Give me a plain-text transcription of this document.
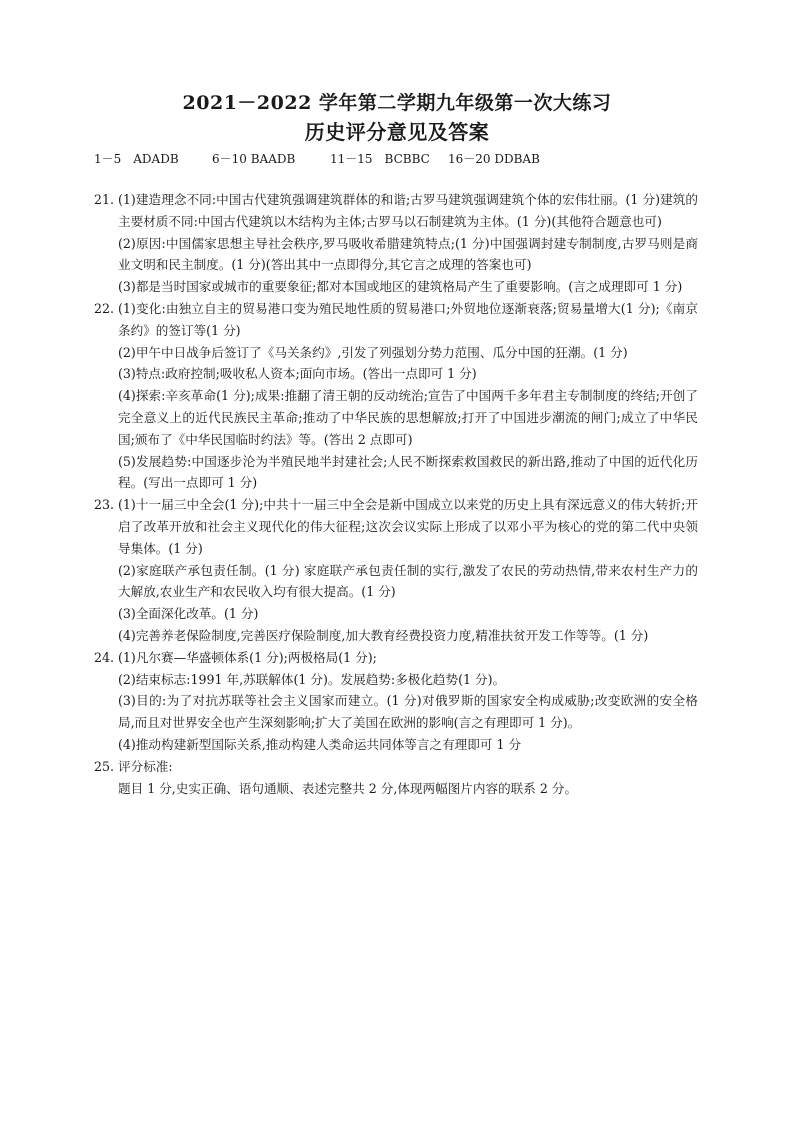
2021－2022 学年第二学期九年级第一次大练习
历史评分意见及答案
1－5　ADADB	6－10 BAADB	11－15　BCBBC 16－20 DDBAB
21. (1)建造理念不同:中国古代建筑强调建筑群体的和谐;古罗马建筑强调建筑个体的宏伟壮丽。(1 分)建筑的主要材质不同:中国古代建筑以木结构为主体;古罗马以石制建筑为主体。(1 分)(其他符合题意也可)

(2)原因:中国儒家思想主导社会秩序,罗马吸收希腊建筑特点;(1 分)中国强调封建专制制度,古罗马则是商业文明和民主制度。(1 分)(答出其中一点即得分,其它言之成理的答案也可)

(3)都是当时国家或城市的重要象征;都对本国或地区的建筑格局产生了重要影响。(言之成理即可 1 分)

22. (1)变化:由独立自主的贸易港口变为殖民地性质的贸易港口;外贸地位逐渐衰落;贸易量增大(1 分);《南京条约》的签订等(1 分)

(2)甲午中日战争后签订了《马关条约》,引发了列强划分势力范围、瓜分中国的狂潮。(1 分)

(3)特点:政府控制;吸收私人资本;面向市场。(答出一点即可 1 分)

(4)探索:辛亥革命(1 分);成果:推翻了清王朝的反动统治;宣告了中国两千多年君主专制制度的终结;开创了完全意义上的近代民族民主革命;推动了中华民族的思想解放;打开了中国进步潮流的闸门;成立了中华民国;颁布了《中华民国临时约法》等。(答出 2 点即可)

(5)发展趋势:中国逐步沦为半殖民地半封建社会;人民不断探索救国救民的新出路,推动了中国的近代化历程。(写出一点即可 1 分)

23. (1)十一届三中全会(1 分);中共十一届三中全会是新中国成立以来党的历史上具有深远意义的伟大转折;开启了改革开放和社会主义现代化的伟大征程;这次会议实际上形成了以邓小平为核心的党的第二代中央领导集体。(1 分)

(2)家庭联产承包责任制。(1 分) 家庭联产承包责任制的实行,激发了农民的劳动热情,带来农村生产力的大解放,农业生产和农民收入均有很大提高。(1 分)

(3)全面深化改革。(1 分)

(4)完善养老保险制度,完善医疗保险制度,加大教育经费投资力度,精准扶贫开发工作等等。(1 分)

24. (1)凡尔赛—华盛顿体系(1 分);两极格局(1 分);

(2)结束标志:1991 年,苏联解体(1 分)。发展趋势:多极化趋势(1 分)。

(3)目的:为了对抗苏联等社会主义国家而建立。(1 分)对俄罗斯的国家安全构成威胁;改变欧洲的安全格局,而且对世界安全也产生深刻影响;扩大了美国在欧洲的影响(言之有理即可 1 分)。

(4)推动构建新型国际关系,推动构建人类命运共同体等言之有理即可 1 分

25. 评分标准:

题目 1 分,史实正确、语句通顺、表述完整共 2 分,体现两幅图片内容的联系 2 分。
